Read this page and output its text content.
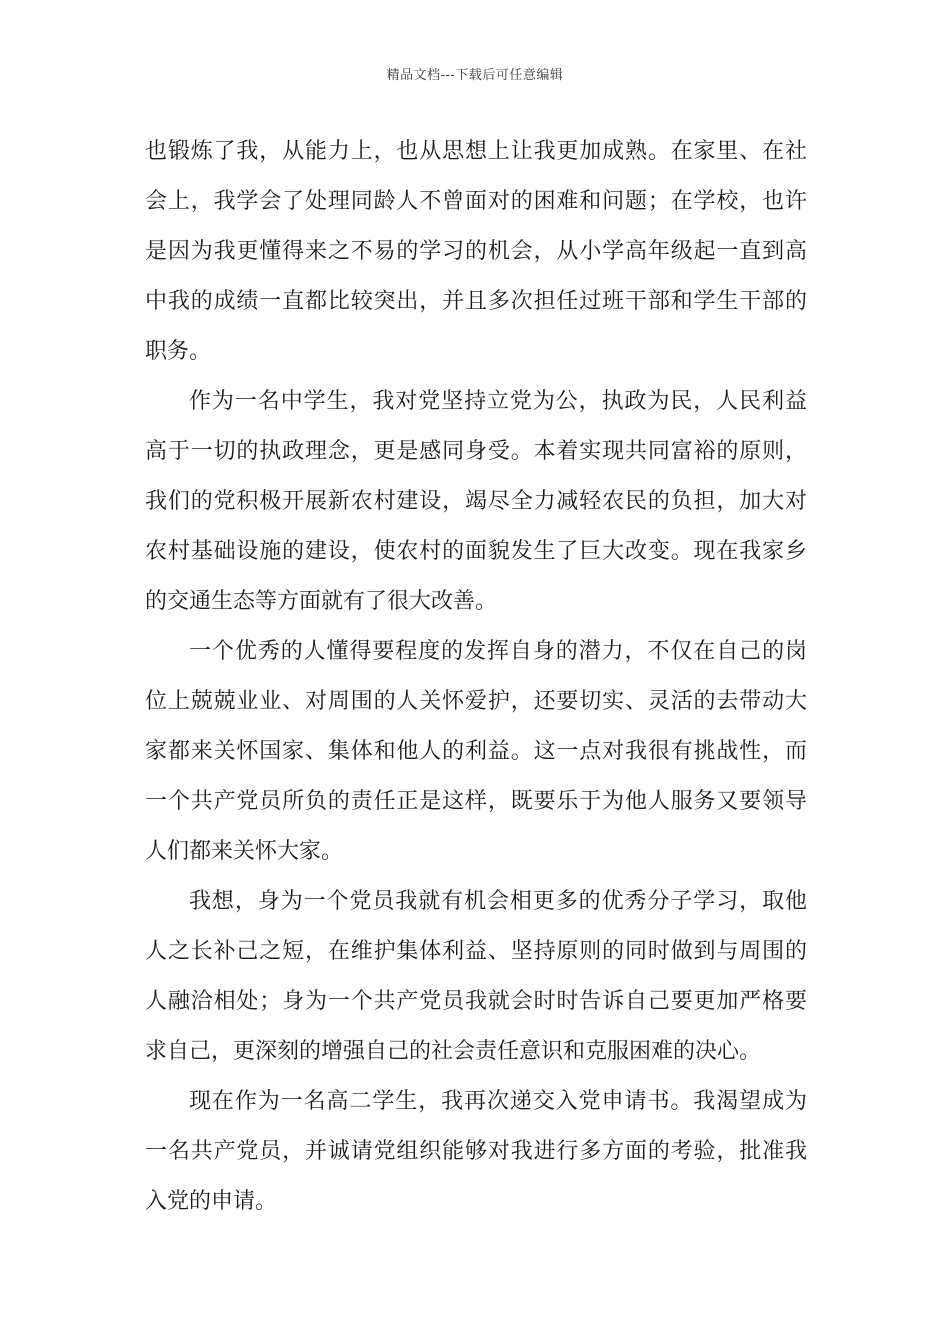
精品文档---下载后可任意编辑
也锻炼了我，从能力上，也从思想上让我更加成熟。在家里、在社
会上，我学会了处理同龄人不曾面对的困难和问题；在学校，也许
是因为我更懂得来之不易的学习的机会，从小学高年级起一直到高
中我的成绩一直都比较突出，并且多次担任过班干部和学生干部的
职务。
作为一名中学生，我对党坚持立党为公，执政为民，人民利益
高于一切的执政理念，更是感同身受。本着实现共同富裕的原则，
我们的党积极开展新农村建设，竭尽全力减轻农民的负担，加大对
农村基础设施的建设，使农村的面貌发生了巨大改变。现在我家乡
的交通生态等方面就有了很大改善。
一个优秀的人懂得要程度的发挥自身的潜力，不仅在自己的岗
位上兢兢业业、对周围的人关怀爱护，还要切实、灵活的去带动大
家都来关怀国家、集体和他人的利益。这一点对我很有挑战性，而
一个共产党员所负的责任正是这样，既要乐于为他人服务又要领导
人们都来关怀大家。
我想，身为一个党员我就有机会相更多的优秀分子学习，取他
人之长补己之短，在维护集体利益、坚持原则的同时做到与周围的
人融洽相处；身为一个共产党员我就会时时告诉自己要更加严格要
求自己，更深刻的增强自己的社会责任意识和克服困难的决心。
现在作为一名高二学生，我再次递交入党申请书。我渴望成为
一名共产党员，并诚请党组织能够对我进行多方面的考验，批准我
入党的申请。
